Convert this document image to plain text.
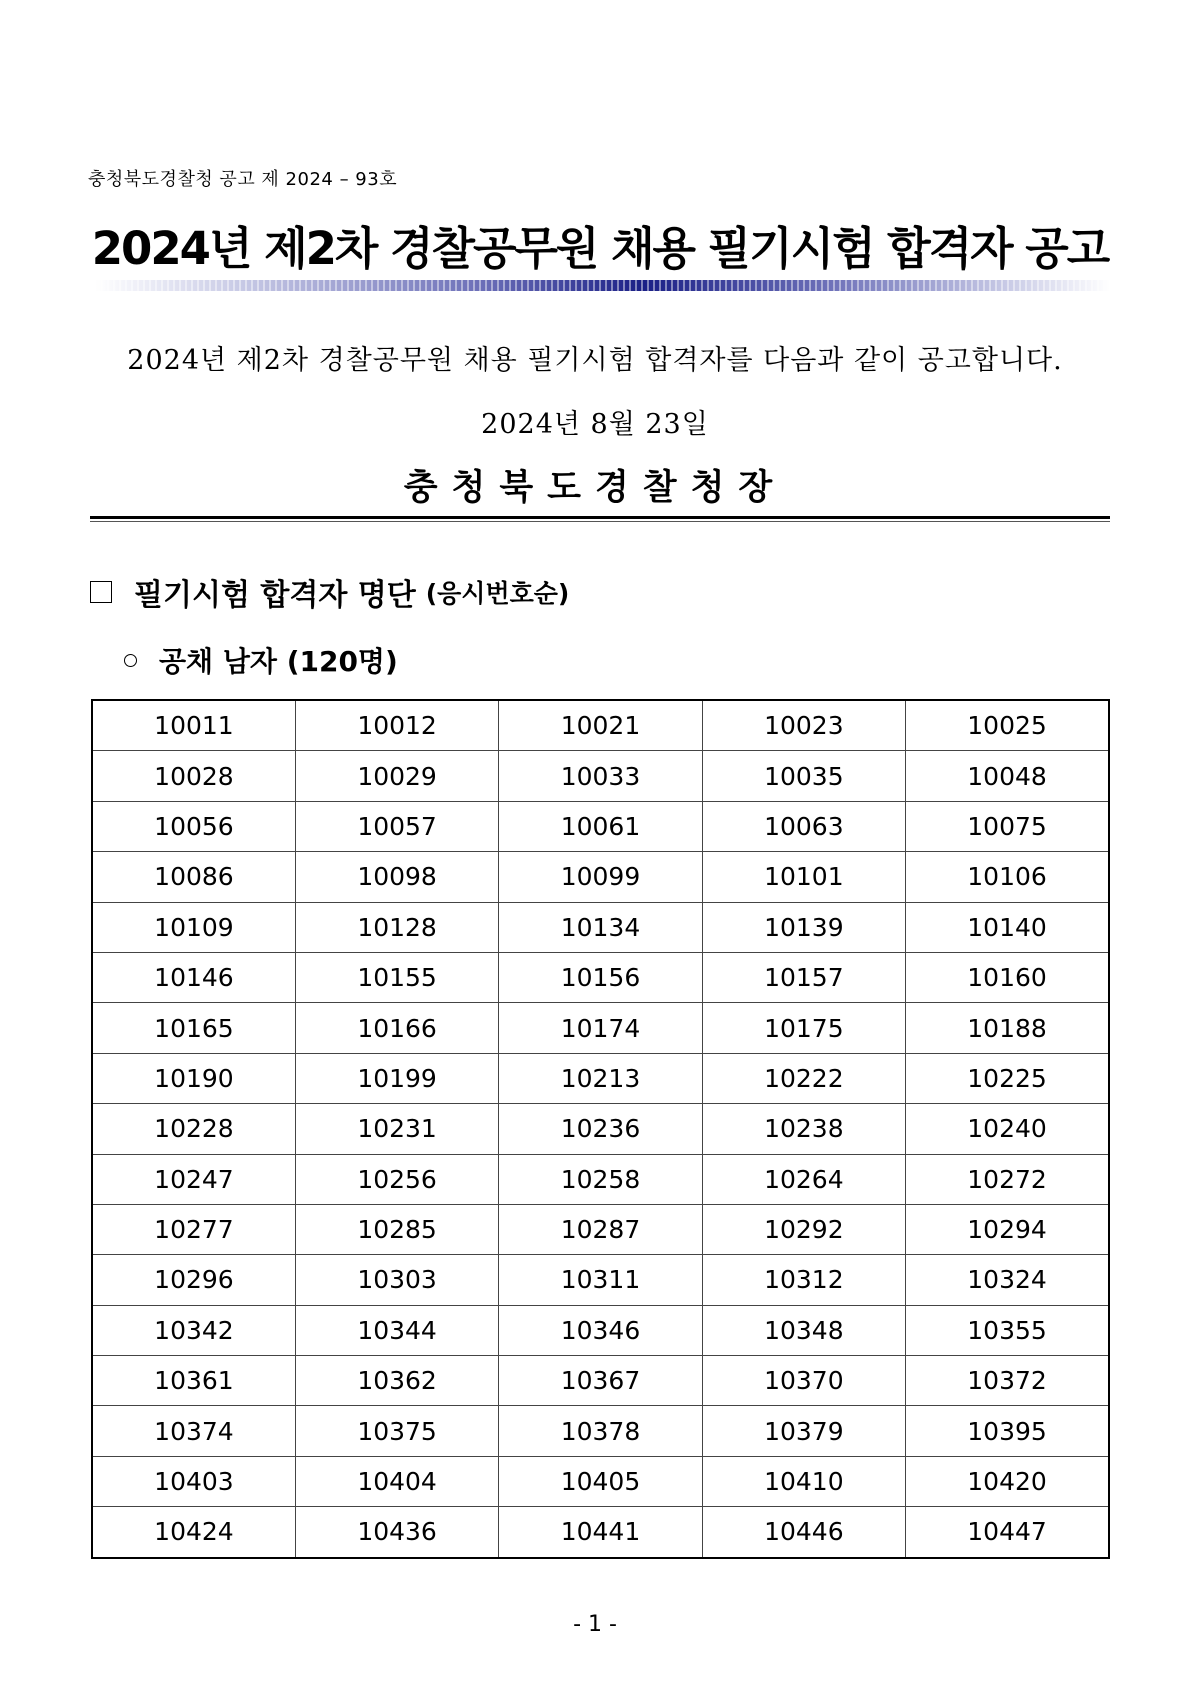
충청북도경찰청 공고 제 2024 – 93호
2024년 제2차 경찰공무원 채용 필기시험 합격자 공고
2024년 제2차 경찰공무원 채용 필기시험 합격자를 다음과 같이 공고합니다.
2024년 8월 23일
충청북도경찰청장
필기시험 합격자 명단 (응시번호순)
공채 남자 (120명)
10011	10012	10021	10023	10025
10028	10029	10033	10035	10048
10056	10057	10061	10063	10075
10086	10098	10099	10101	10106
10109	10128	10134	10139	10140
10146	10155	10156	10157	10160
10165	10166	10174	10175	10188
10190	10199	10213	10222	10225
10228	10231	10236	10238	10240
10247	10256	10258	10264	10272
10277	10285	10287	10292	10294
10296	10303	10311	10312	10324
10342	10344	10346	10348	10355
10361	10362	10367	10370	10372
10374	10375	10378	10379	10395
10403	10404	10405	10410	10420
10424	10436	10441	10446	10447
- 1 -
